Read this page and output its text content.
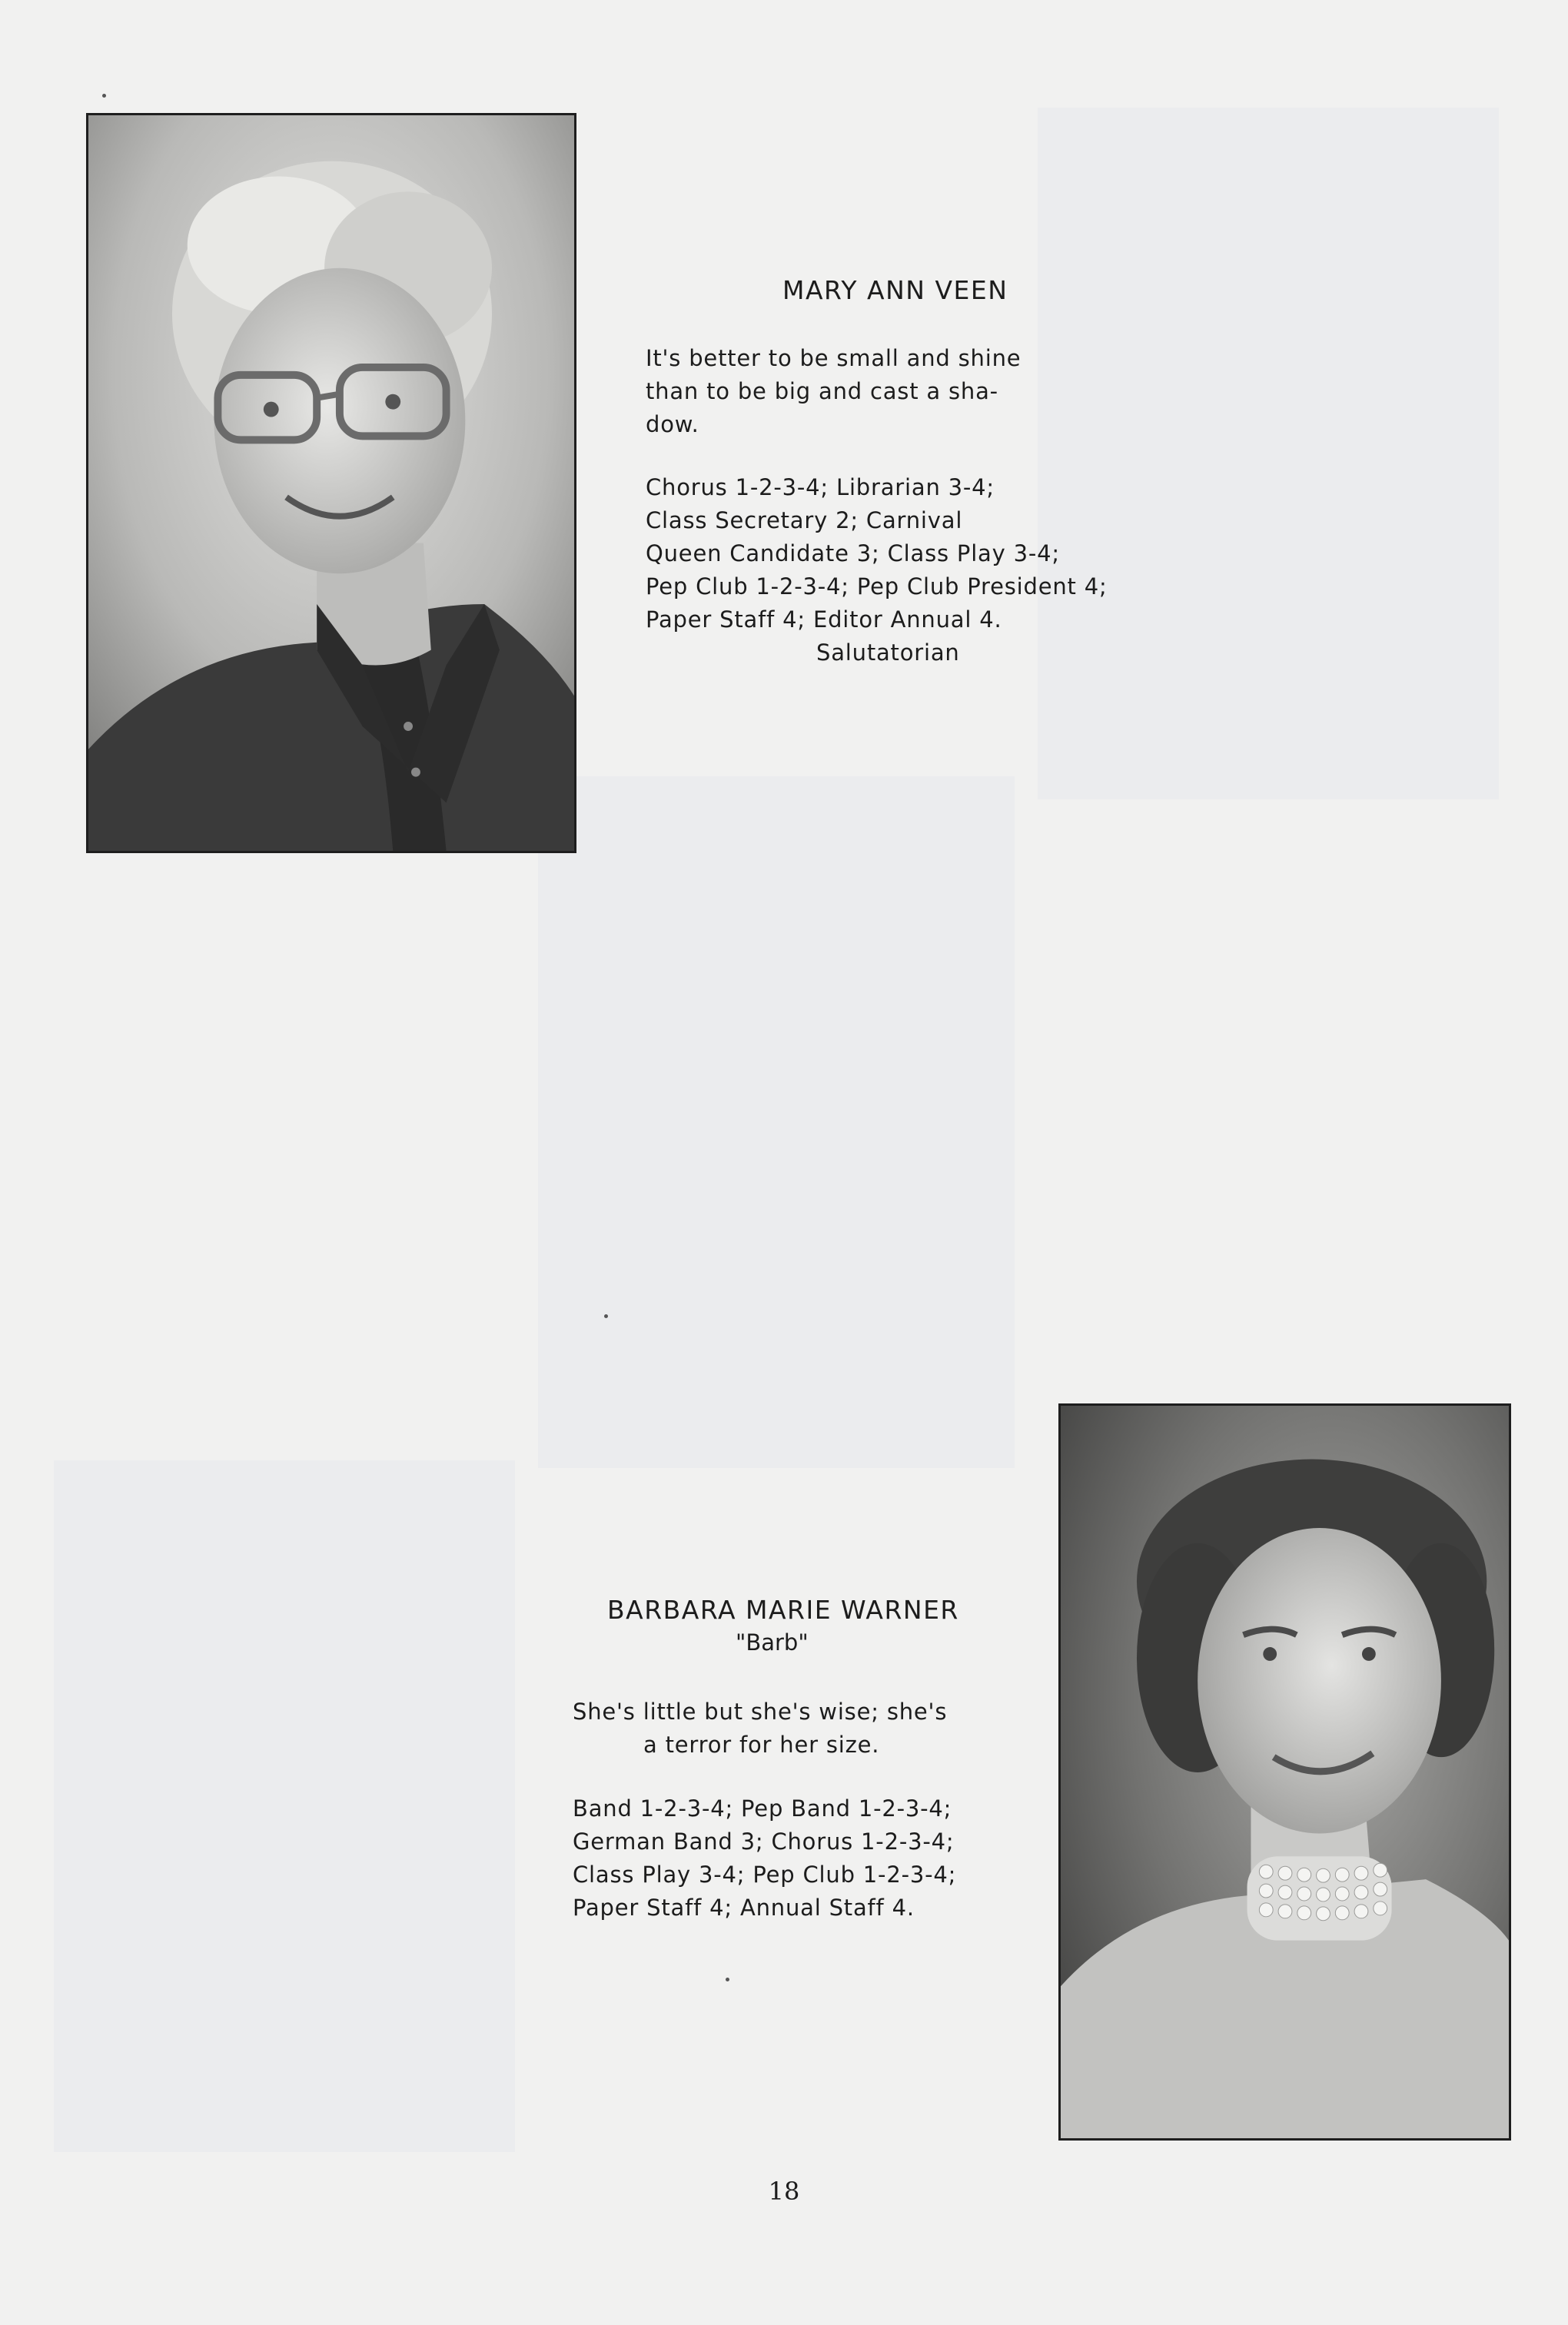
MARY ANN VEEN
It's better to be small and shine
than to be big and cast a sha-
dow.
Chorus 1-2-3-4; Librarian 3-4;
Class Secretary 2; Carnival
Queen Candidate 3; Class Play 3-4;
Pep Club 1-2-3-4; Pep Club President 4;
Paper Staff 4; Editor Annual 4.
Salutatorian
BARBARA MARIE WARNER
"Barb"
She's little but she's wise; she's
a terror for her size.
Band 1-2-3-4; Pep Band 1-2-3-4;
German Band 3; Chorus 1-2-3-4;
Class Play 3-4; Pep Club 1-2-3-4;
Paper Staff 4; Annual Staff 4.
18
